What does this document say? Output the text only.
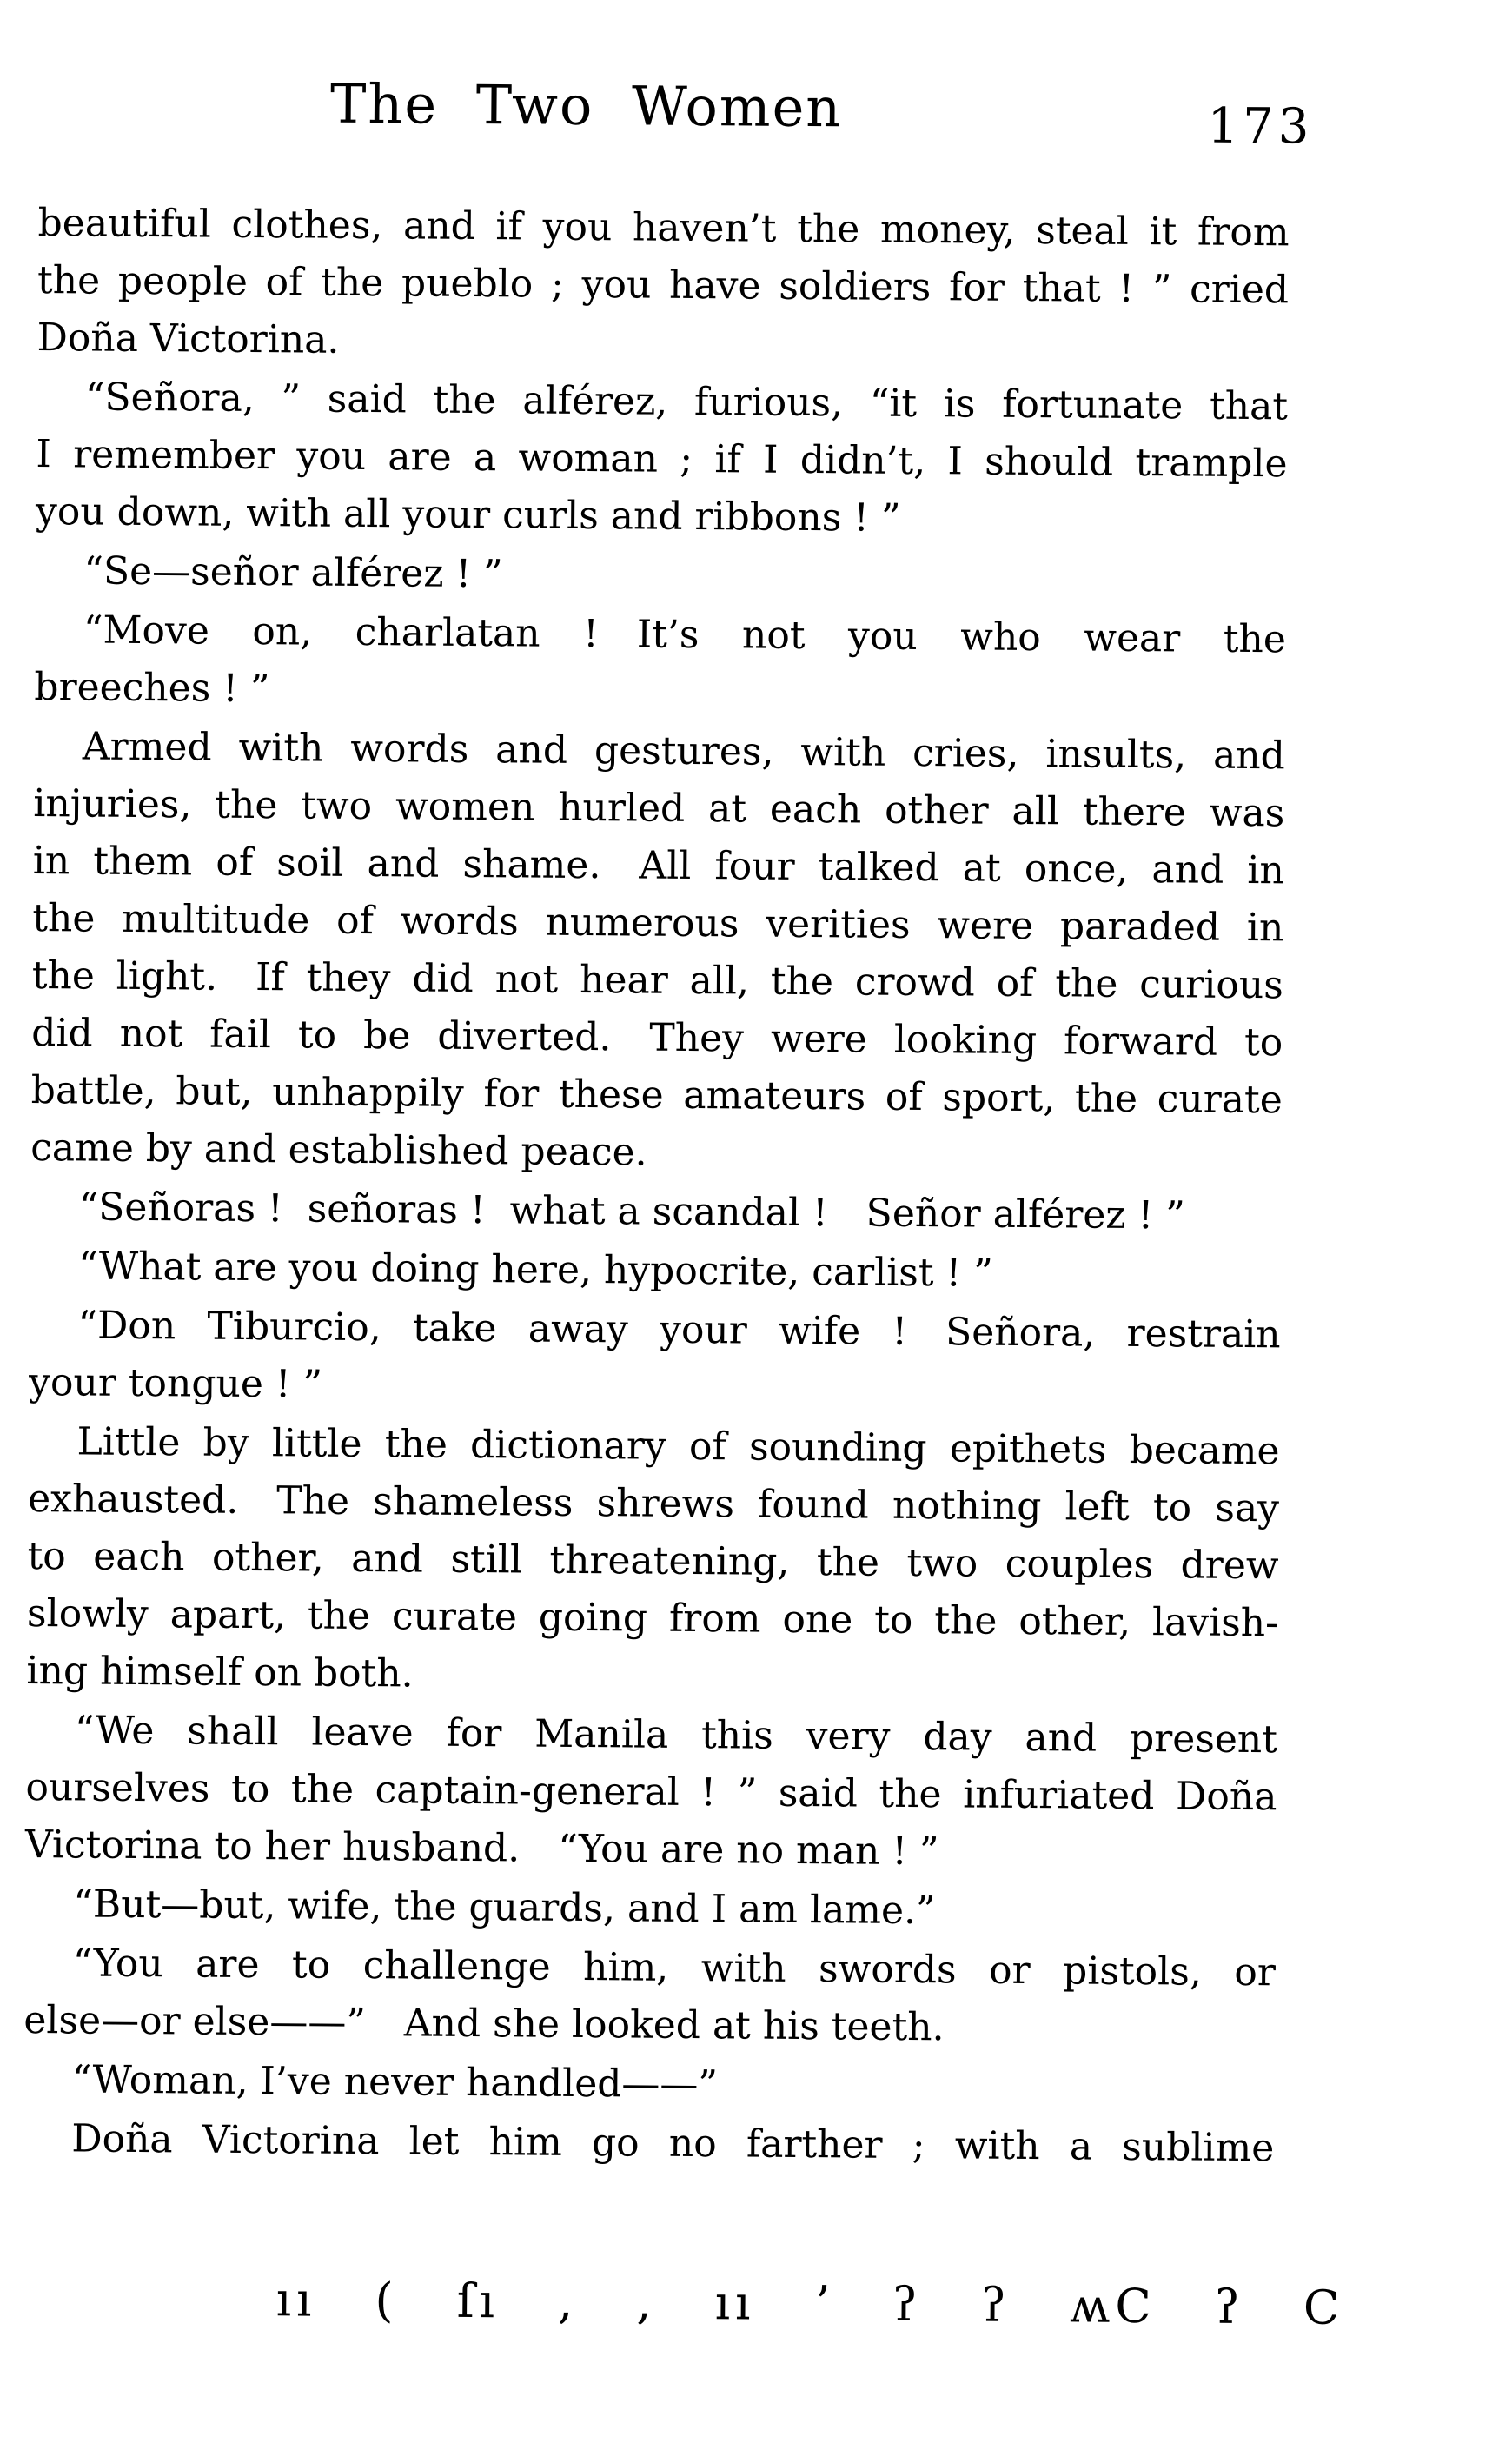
The Two Women	173
beautiful clothes, and if you haven’t the money, steal it from
the people of the pueblo ; you have soldiers for that ! ” cried
Doña Victorina.
“Señora, ” said the alférez, furious, “it is fortunate that
I remember you are a woman ; if I didn’t, I should trample
you down, with all your curls and ribbons ! ”
“Se—señor alférez ! ”
“Move on, charlatan ! It’s not you who wear the
breeches ! ”
Armed with words and gestures, with cries, insults, and
injuries, the two women hurled at each other all there was
in them of soil and shame. All four talked at once, and in
the multitude of words numerous verities were paraded in
the light. If they did not hear all, the crowd of the curious
did not fail to be diverted. They were looking forward to
battle, but, unhappily for these amateurs of sport, the curate
came by and established peace.
“Señoras !  señoras !  what a scandal ! Señor alférez ! ”
“What are you doing here, hypocrite, carlist ! ”
“Don Tiburcio, take away your wife ! Señora, restrain
your tongue ! ”
Little by little the dictionary of sounding epithets became
exhausted. The shameless shrews found nothing left to say
to each other, and still threatening, the two couples drew
slowly apart, the curate going from one to the other, lavish-
ing himself on both.
“We shall leave for Manila this very day and present
ourselves to the captain-general ! ” said the infuriated Doña
Victorina to her husband. “You are no man ! ”
“But—but, wife, the guards, and I am lame.”
“You are to challenge him, with swords or pistols, or
else—or else——” And she looked at his teeth.
“Woman, I’ve never handled——”
Doña Victorina let him go no farther ; with a sublime
ıı ( ſı , , ıı ʼ ʔ ʔ ʍC ʔ C
